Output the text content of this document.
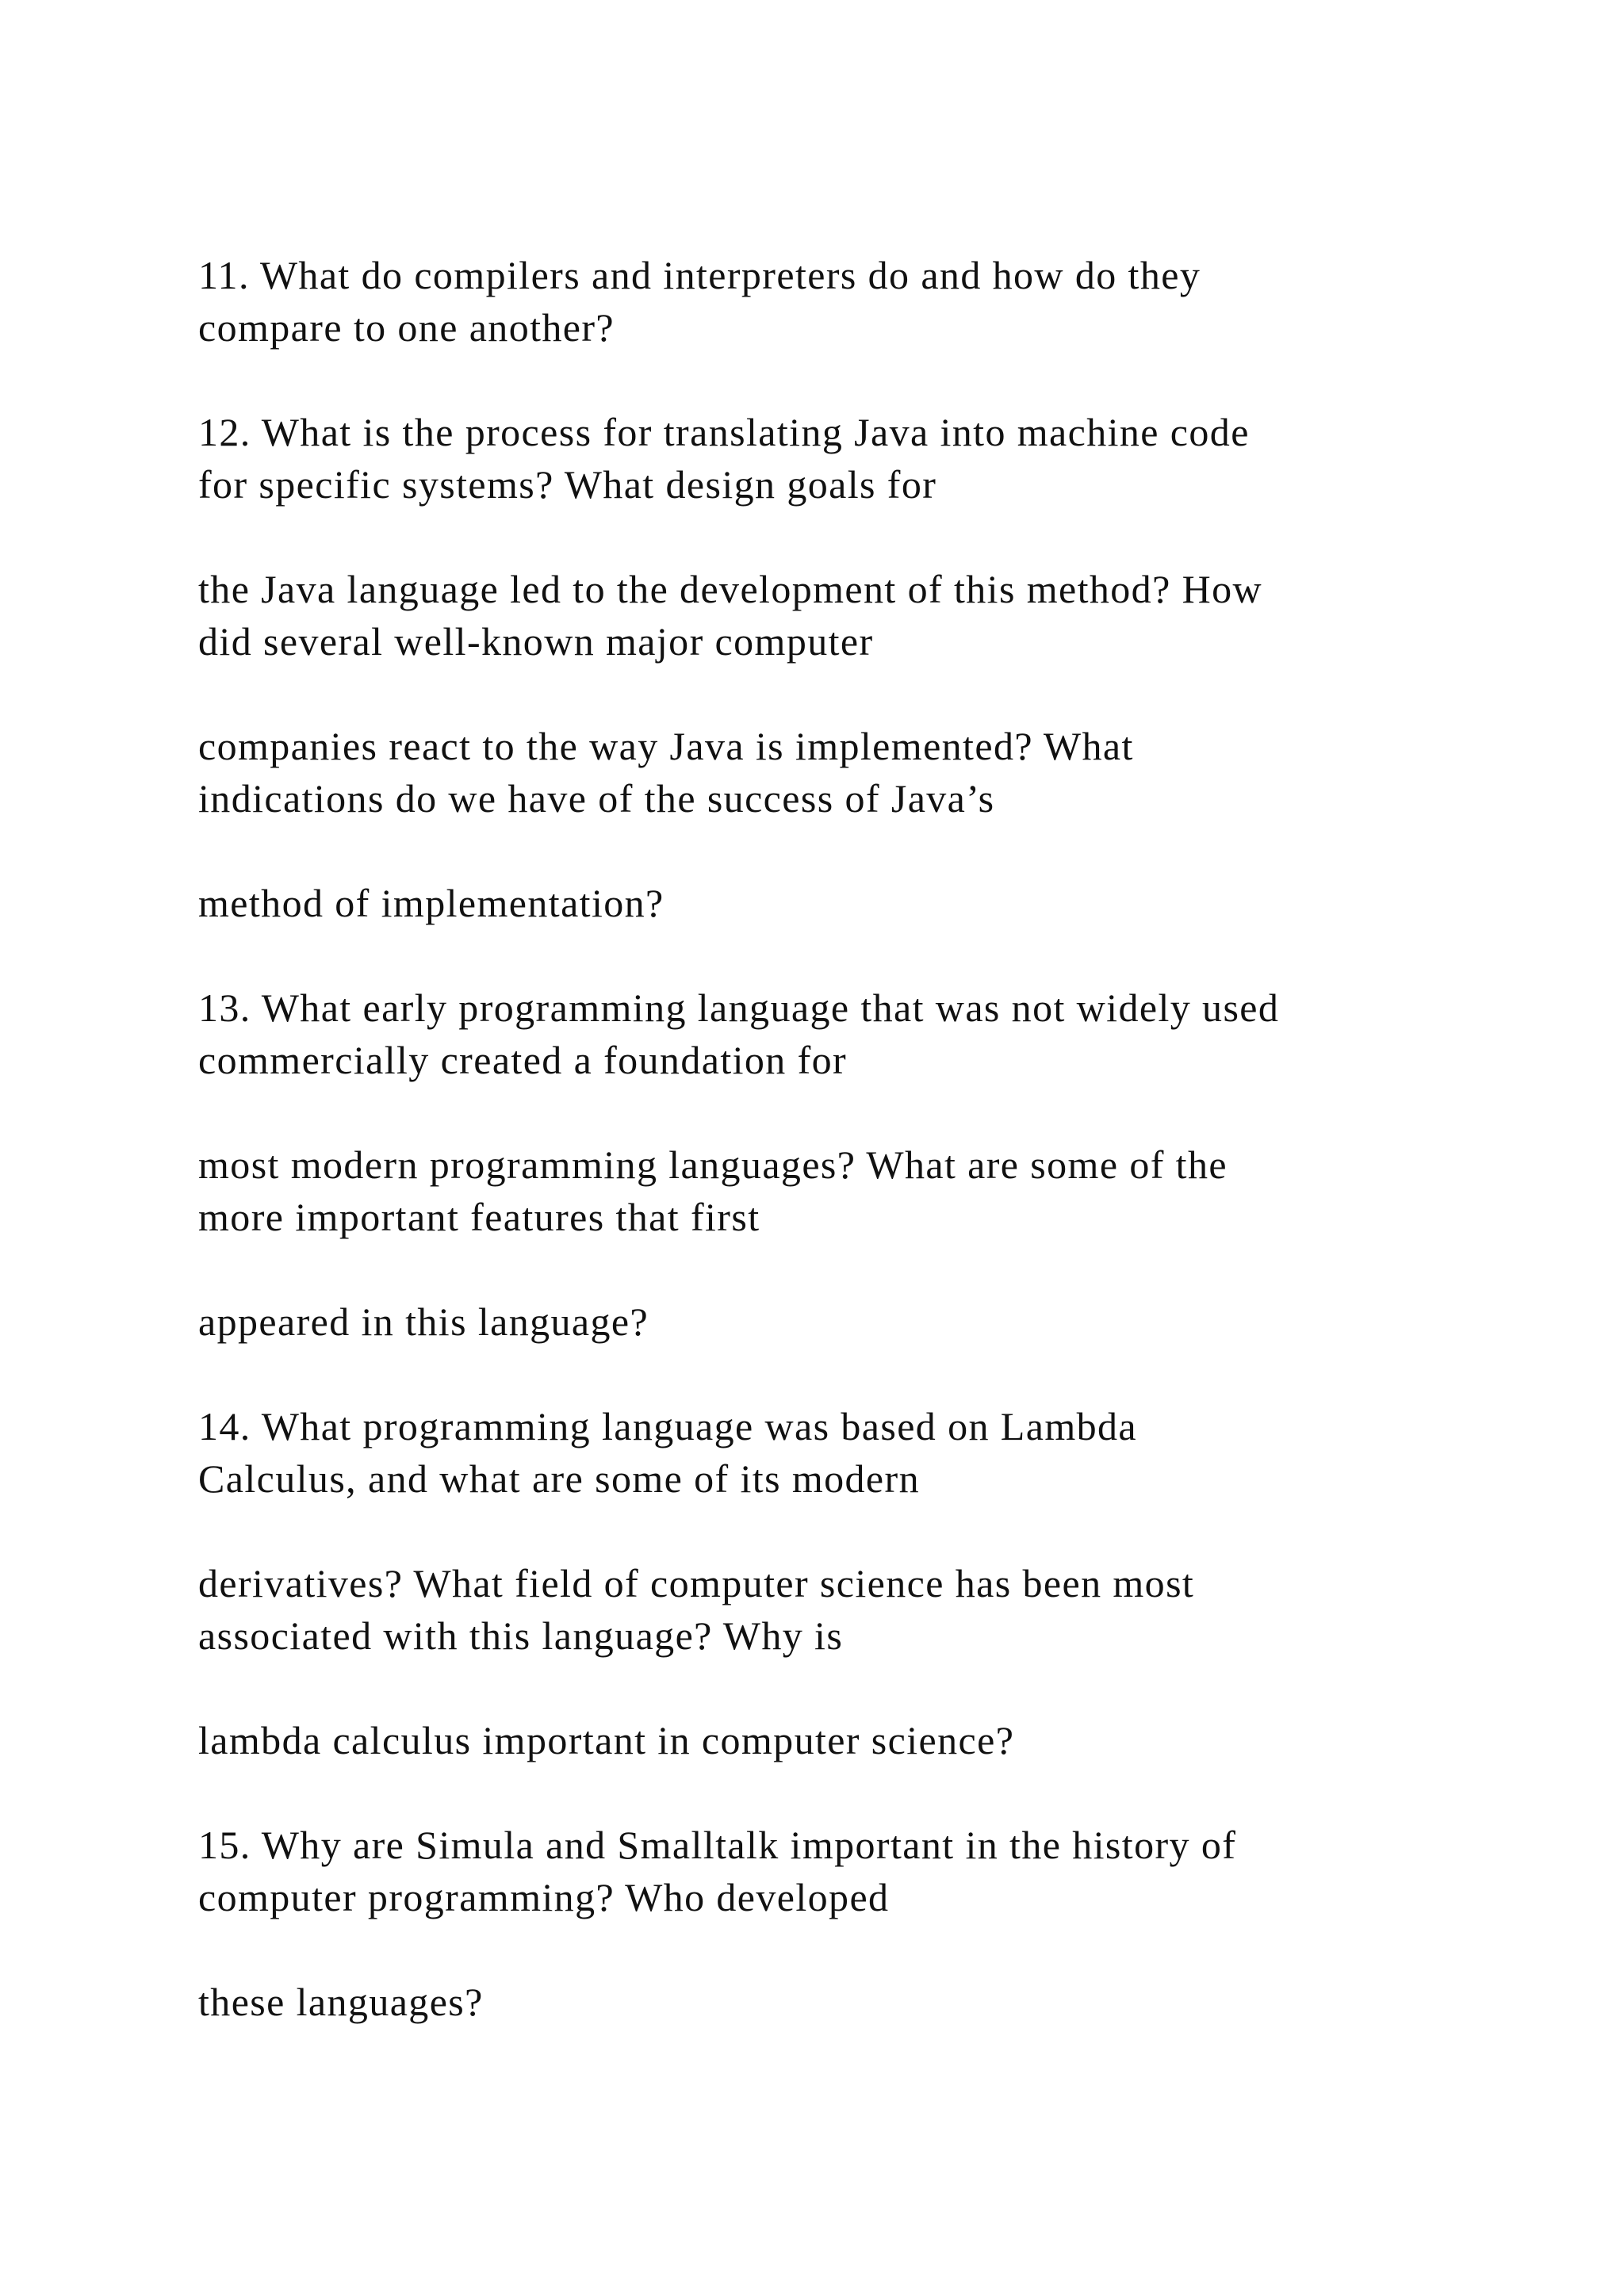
11. What do compilers and interpreters do and how do they
compare to one another?

12. What is the process for translating Java into machine code
for specific systems? What design goals for

the Java language led to the development of this method? How
did several well-known major computer

companies react to the way Java is implemented? What
indications do we have of the success of Java’s

method of implementation?

13. What early programming language that was not widely used
commercially created a foundation for

most modern programming languages? What are some of the
more important features that first

appeared in this language?

14. What programming language was based on Lambda
Calculus, and what are some of its modern

derivatives? What field of computer science has been most
associated with this language? Why is

lambda calculus important in computer science?

15. Why are Simula and Smalltalk important in the history of
computer programming? Who developed

these languages?
